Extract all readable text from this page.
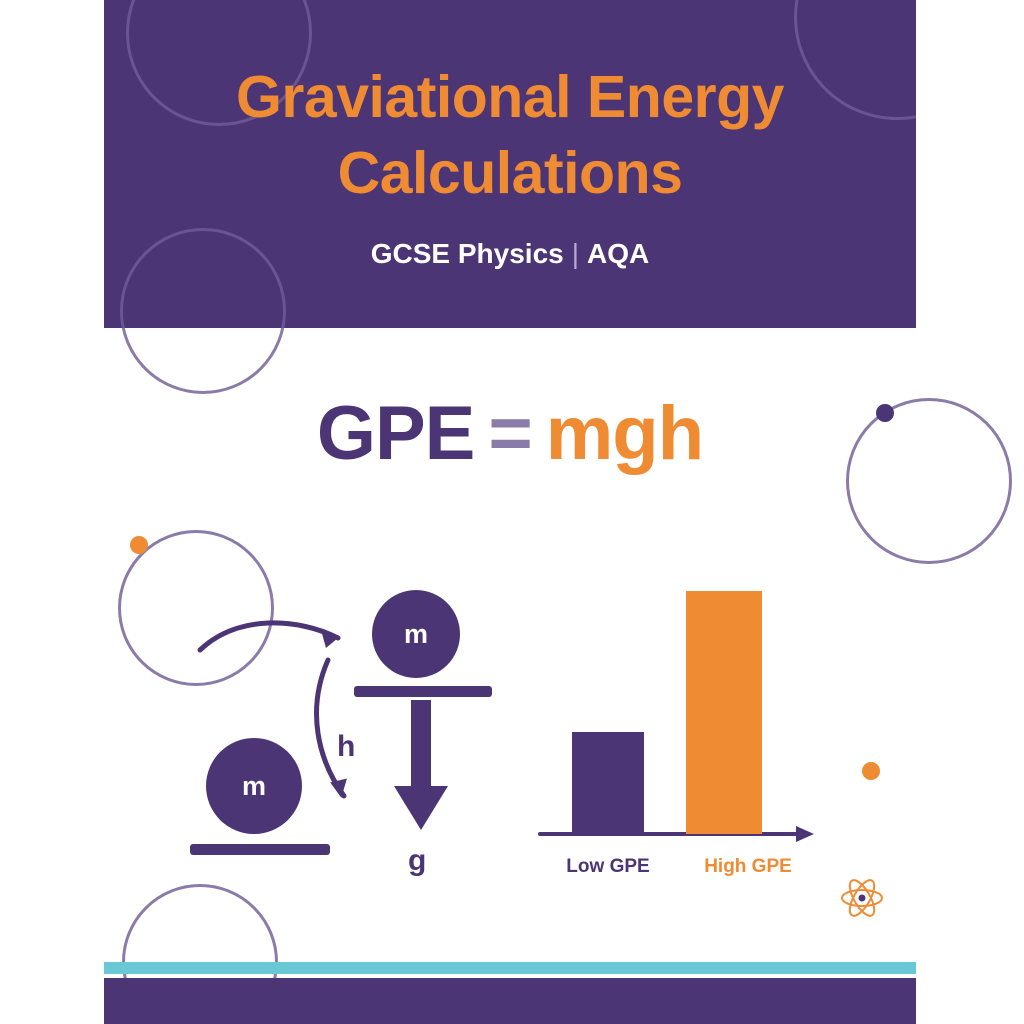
Graviational Energy
Calculations
GCSE Physics | AQA
GPE = mgh
m
m
h
g	Low GPE	High GPE
